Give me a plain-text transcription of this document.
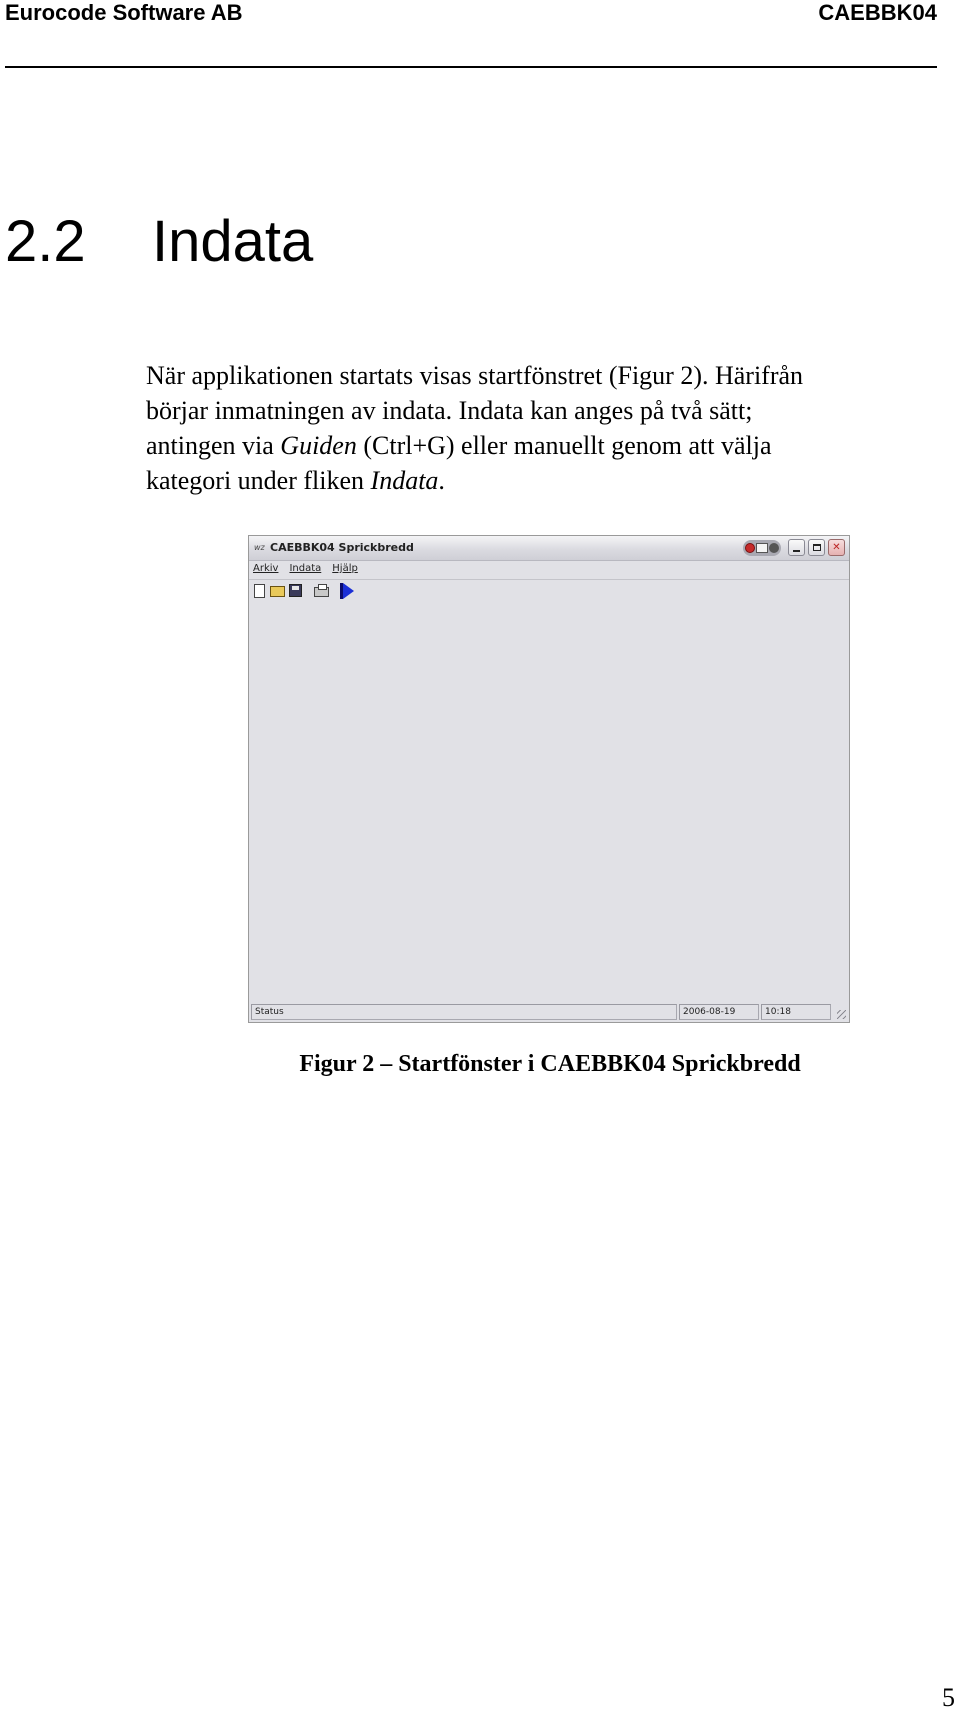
Eurocode Software AB	CAEBBK04
2.2 Indata
När applikationen startats visas startfönstret (Figur 2). Härifrån
börjar inmatningen av indata. Indata kan anges på två sätt;
antingen via Guiden (Ctrl+G) eller manuellt genom att välja
kategori under fliken Indata.
wz CAEBBK04 Sprickbredd	✕
Arkiv Indata Hjälp
Status	2006-08-19	10:18
Figur 2 – Startfönster i CAEBBK04 Sprickbredd
5
